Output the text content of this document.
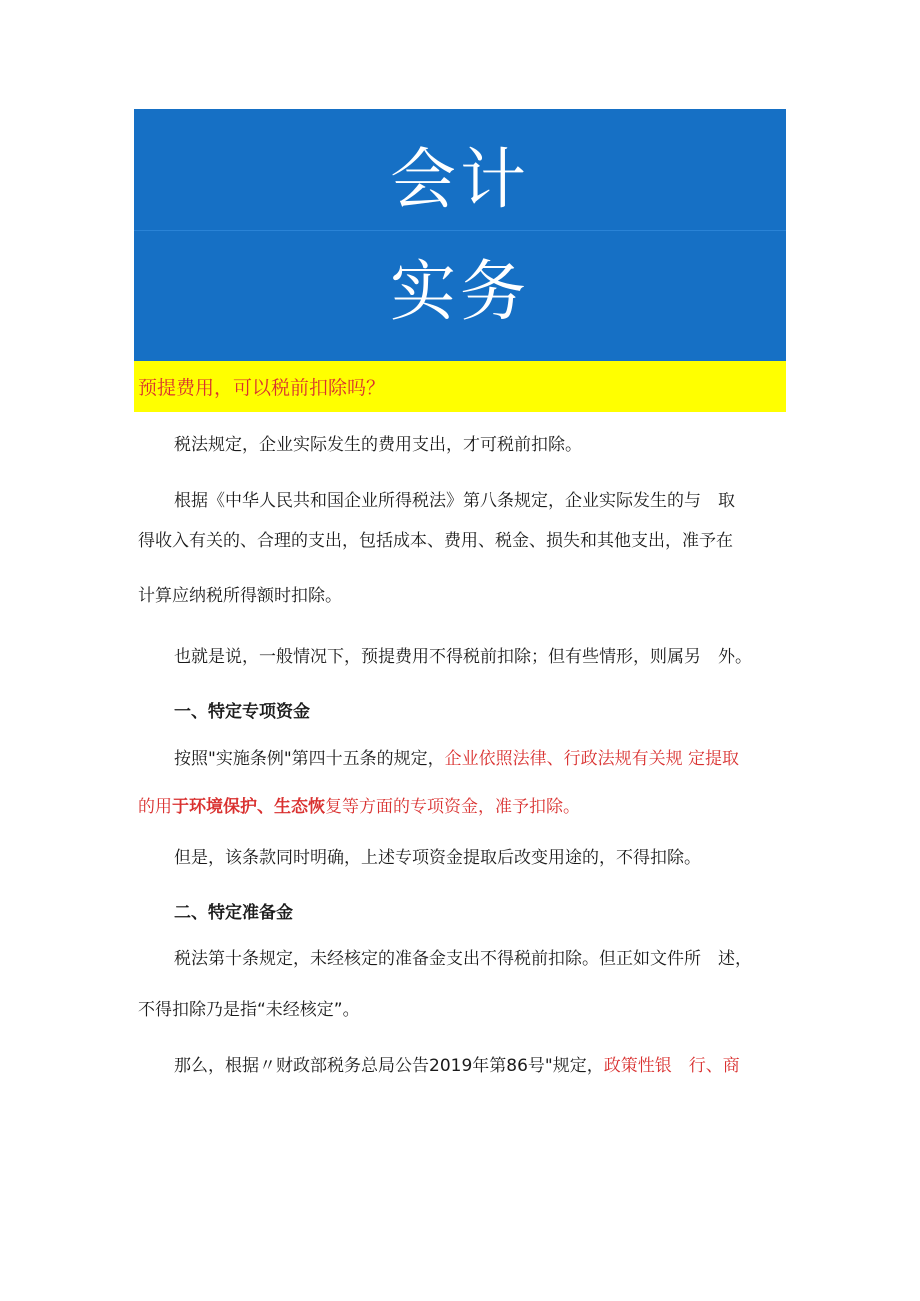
会计
实务
预提费用，可以税前扣除吗？

税法规定，企业实际发生的费用支出，才可税前扣除。

根据《中华人民共和国企业所得税法》第八条规定，企业实际发生的与　取

得收入有关的、合理的支出，包括成本、费用、税金、损失和其他支出，准予在

计算应纳税所得额时扣除。

也就是说，一般情况下，预提费用不得税前扣除；但有些情形，则属另　外。

一、特定专项资金

按照"实施条例"第四十五条的规定，企业依照法律、行政法规有关规 定提取

的用于环境保护、生态恢复等方面的专项资金，准予扣除。

但是，该条款同时明确，上述专项资金提取后改变用途的，不得扣除。

二、特定准备金

税法第十条规定，未经核定的准备金支出不得税前扣除。但正如文件所　述，

不得扣除乃是指“未经核定”。

那么，根据〃财政部税务总局公告2019年第86号"规定，政策性银　行、商
